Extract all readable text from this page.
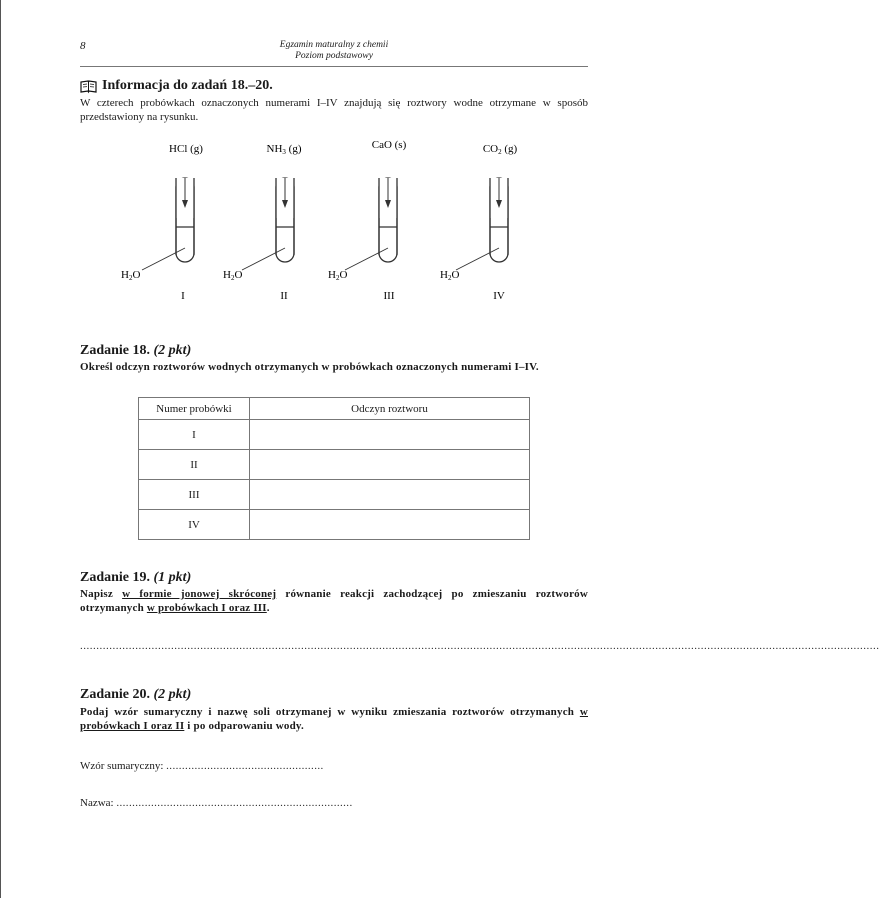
8	Egzamin maturalny z chemii
Poziom podstawowy
Informacja do zadań 18.–20.
W czterech probówkach oznaczonych numerami I–IV znajdują się roztwory wodne otrzymane w sposób przedstawiony na rysunku.
HCl (g)
H2O
I
NH3 (g)
H2O
II
CaO (s)
H2O
III
CO2 (g)
H2O
IV
Zadanie 18. (2 pkt)
Określ odczyn roztworów wodnych otrzymanych w probówkach oznaczonych numerami I–IV.
Numer probówki	Odczyn roztworu
I	
II	
III	
IV	
Zadanie 19. (1 pkt)
Napisz w formie jonowej skróconej równanie reakcji zachodzącej po zmieszaniu roztworów otrzymanych w probówkach I oraz III.
......................................................................................................................................................................................................................................................
Zadanie 20. (2 pkt)
Podaj wzór sumaryczny i nazwę soli otrzymanej w wyniku zmieszania roztworów otrzymanych w probówkach I oraz II i po odparowaniu wody.
Wzór sumaryczny: ..................................................
Nazwa: ...........................................................................
